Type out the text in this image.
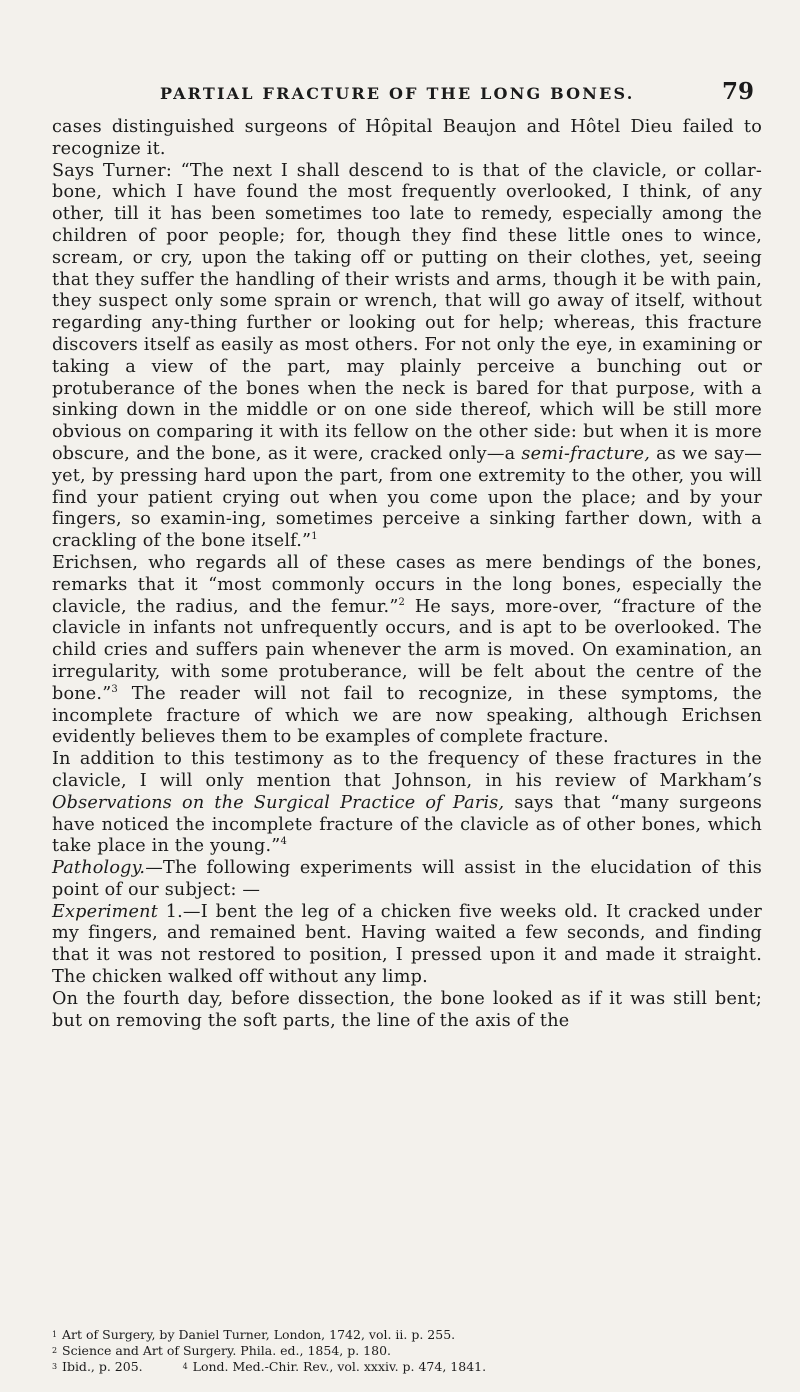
PARTIAL FRACTURE OF THE LONG BONES.	79

cases distinguished surgeons of Hôpital Beaujon and Hôtel Dieu failed to recognize it.

Says Turner: “The next I shall descend to is that of the clavicle, or collar-bone, which I have found the most frequently overlooked, I think, of any other, till it has been sometimes too late to remedy, especially among the children of poor people; for, though they find these little ones to wince, scream, or cry, upon the taking off or putting on their clothes, yet, seeing that they suffer the handling of their wrists and arms, though it be with pain, they suspect only some sprain or wrench, that will go away of itself, without regarding any-thing further or looking out for help; whereas, this fracture discovers itself as easily as most others. For not only the eye, in examining or taking a view of the part, may plainly perceive a bunching out or protuberance of the bones when the neck is bared for that purpose, with a sinking down in the middle or on one side thereof, which will be still more obvious on comparing it with its fellow on the other side: but when it is more obscure, and the bone, as it were, cracked only—a semi-fracture, as we say—yet, by pressing hard upon the part, from one extremity to the other, you will find your patient crying out when you come upon the place; and by your fingers, so examin-ing, sometimes perceive a sinking farther down, with a crackling of the bone itself.”$^1$

Erichsen, who regards all of these cases as mere bendings of the bones, remarks that it “most commonly occurs in the long bones, especially the clavicle, the radius, and the femur.”$^2$ He says, more-over, “fracture of the clavicle in infants not unfrequently occurs, and is apt to be overlooked. The child cries and suffers pain whenever the arm is moved. On examination, an irregularity, with some protuberance, will be felt about the centre of the bone.”$^3$ The reader will not fail to recognize, in these symptoms, the incomplete fracture of which we are now speaking, although Erichsen evidently believes them to be examples of complete fracture.

In addition to this testimony as to the frequency of these fractures in the clavicle, I will only mention that Johnson, in his review of Markham’s Observations on the Surgical Practice of Paris, says that “many surgeons have noticed the incomplete fracture of the clavicle as of other bones, which take place in the young.”$^4$

Pathology.—The following experiments will assist in the elucidation of this point of our subject: —

Experiment 1.—I bent the leg of a chicken five weeks old. It cracked under my fingers, and remained bent. Having waited a few seconds, and finding that it was not restored to position, I pressed upon it and made it straight. The chicken walked off without any limp.

On the fourth day, before dissection, the bone looked as if it was still bent; but on removing the soft parts, the line of the axis of the

1 Art of Surgery, by Daniel Turner, London, 1742, vol. ii. p. 255.
2 Science and Art of Surgery. Phila. ed., 1854, p. 180.
3 Ibid., p. 205.	4 Lond. Med.-Chir. Rev., vol. xxxiv. p. 474, 1841.
